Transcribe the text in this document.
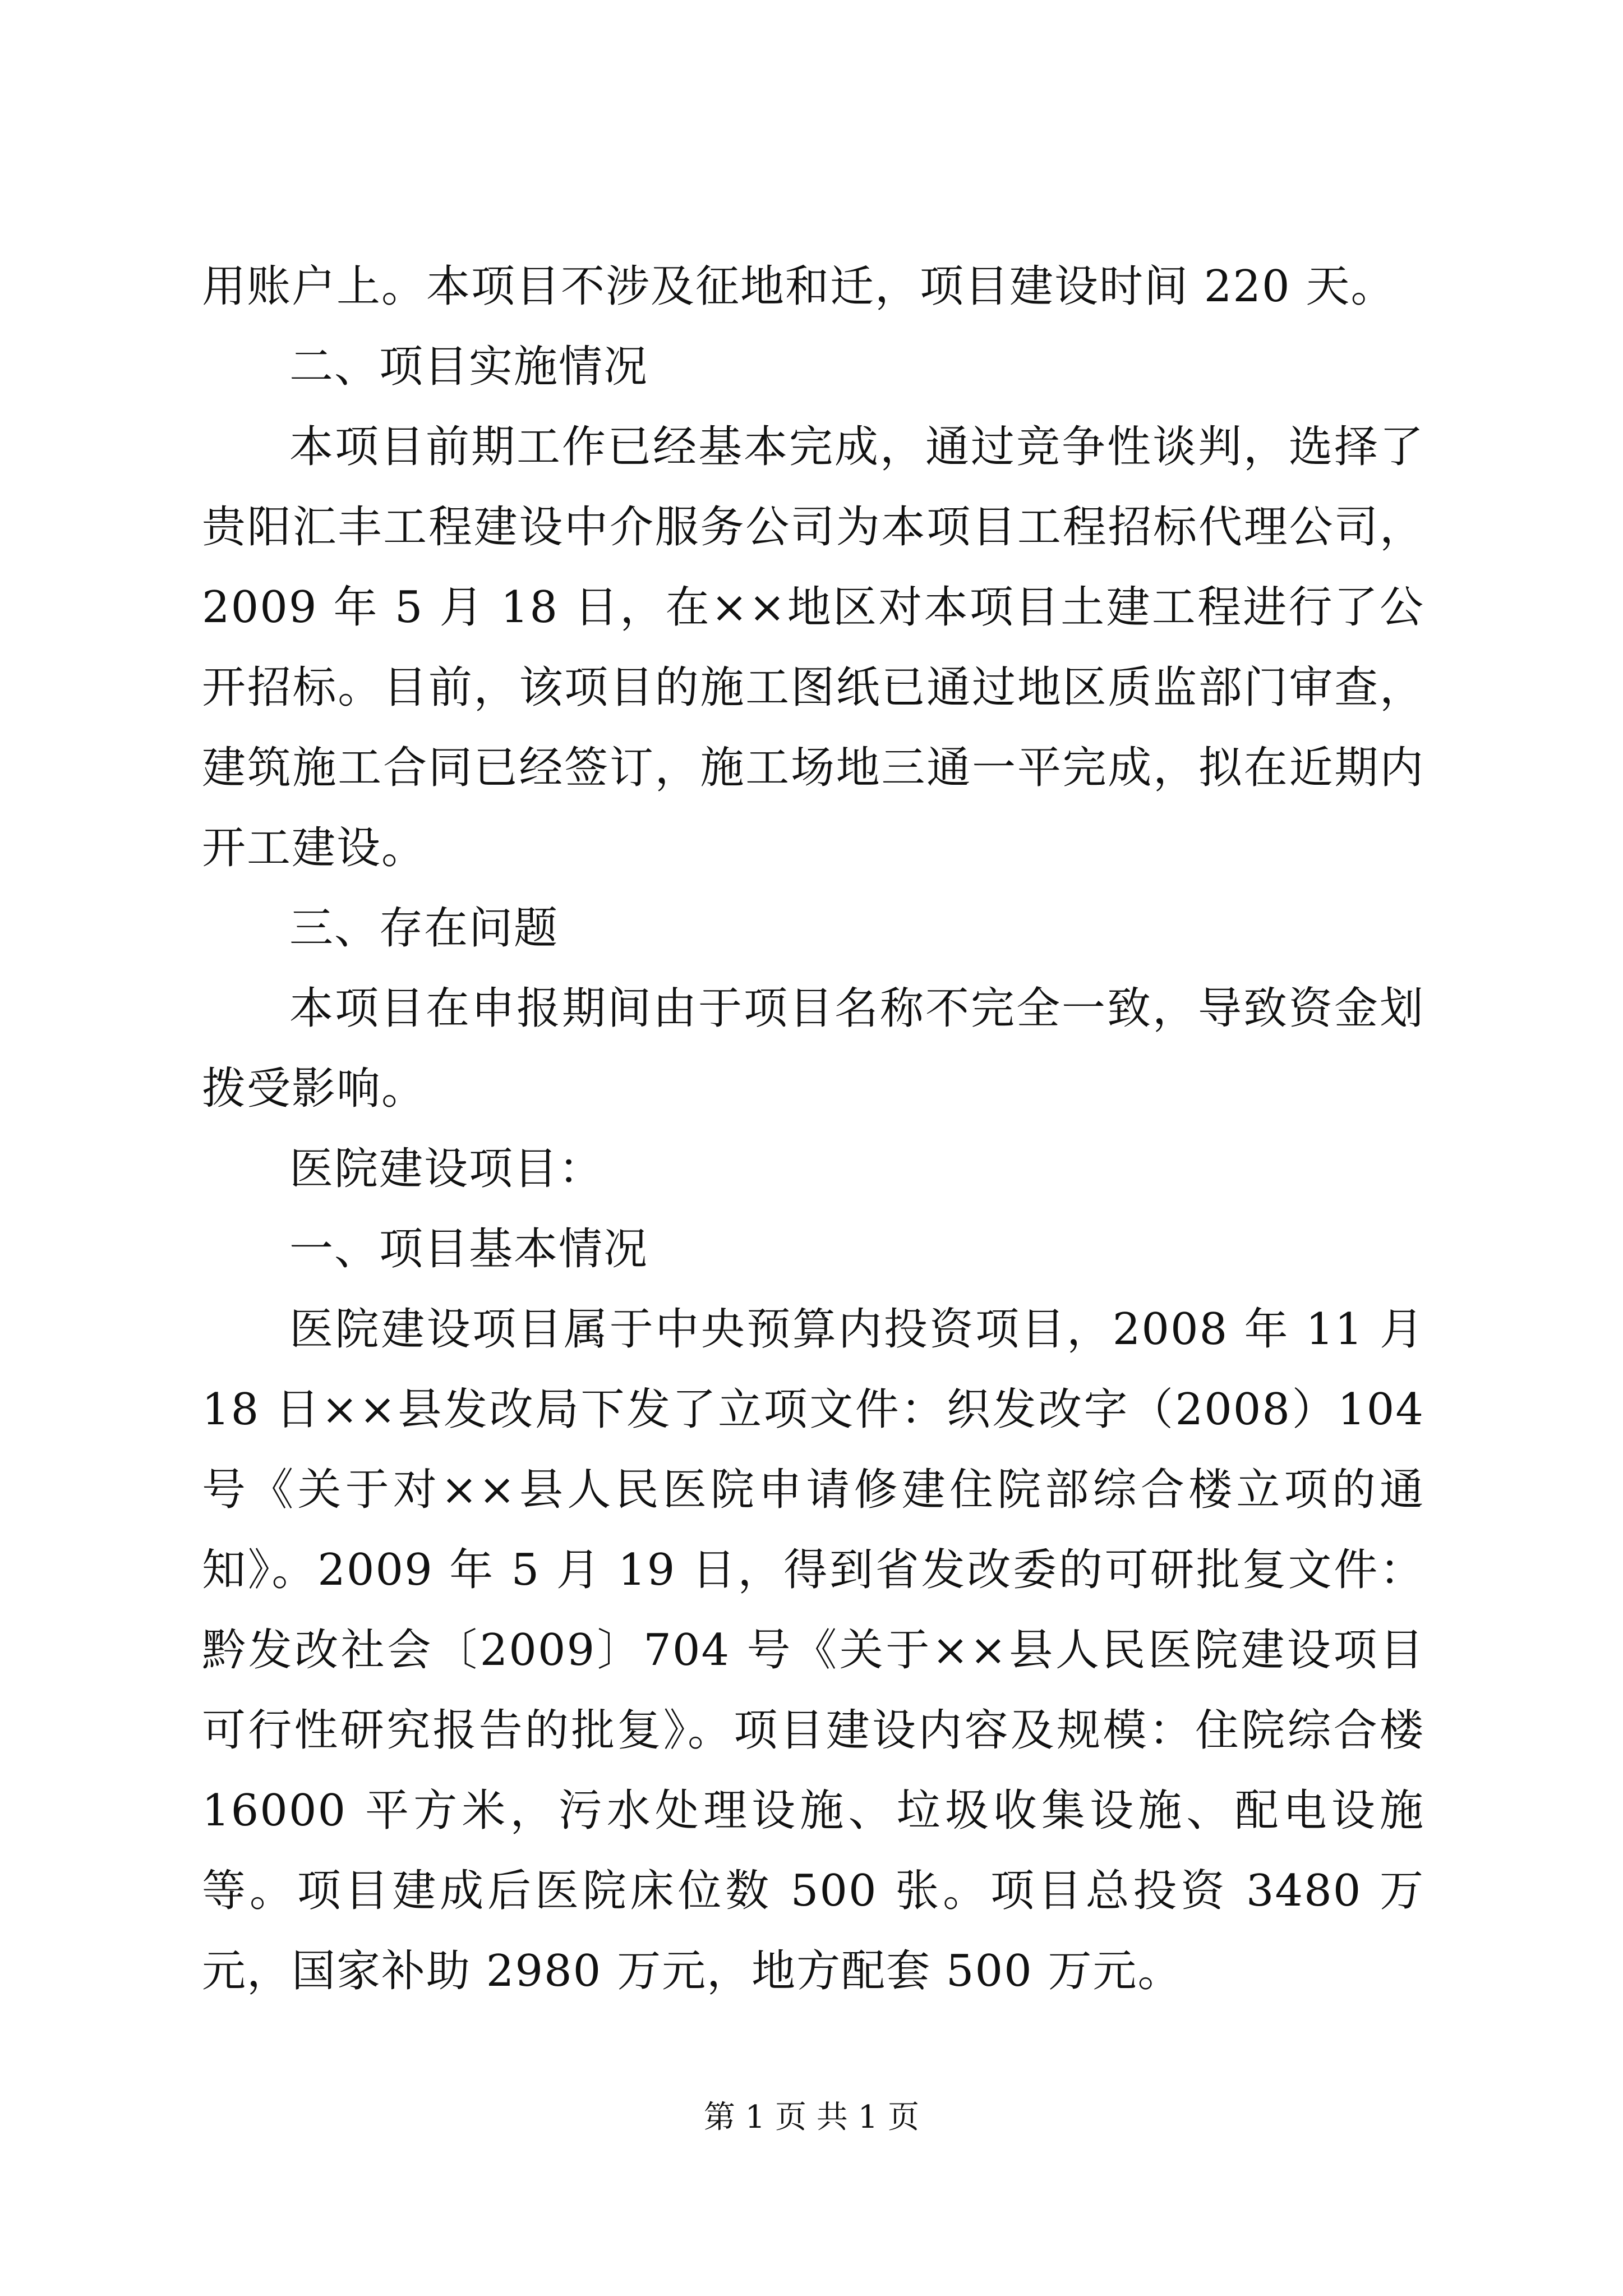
用账户上。本项目不涉及征地和迁，项目建设时间 220 天。

二、项目实施情况

本项目前期工作已经基本完成，通过竞争性谈判，选择了贵阳汇丰工程建设中介服务公司为本项目工程招标代理公司，2009 年 5 月 18 日，在××地区对本项目土建工程进行了公开招标。目前，该项目的施工图纸已通过地区质监部门审查，建筑施工合同已经签订，施工场地三通一平完成，拟在近期内开工建设。

三、存在问题

本项目在申报期间由于项目名称不完全一致，导致资金划拨受影响。

医院建设项目：

一、项目基本情况

医院建设项目属于中央预算内投资项目，2008 年 11 月 18 日××县发改局下发了立项文件：织发改字（2008）104 号《关于对××县人民医院申请修建住院部综合楼立项的通知》。2009 年 5 月 19 日，得到省发改委的可研批复文件：黔发改社会〔2009〕704 号《关于××县人民医院建设项目可行性研究报告的批复》。项目建设内容及规模：住院综合楼 16000 平方米，污水处理设施、垃圾收集设施、配电设施等。项目建成后医院床位数 500 张。项目总投资 3480 万元，国家补助 2980 万元，地方配套 500 万元。

第 1 页 共 1 页
